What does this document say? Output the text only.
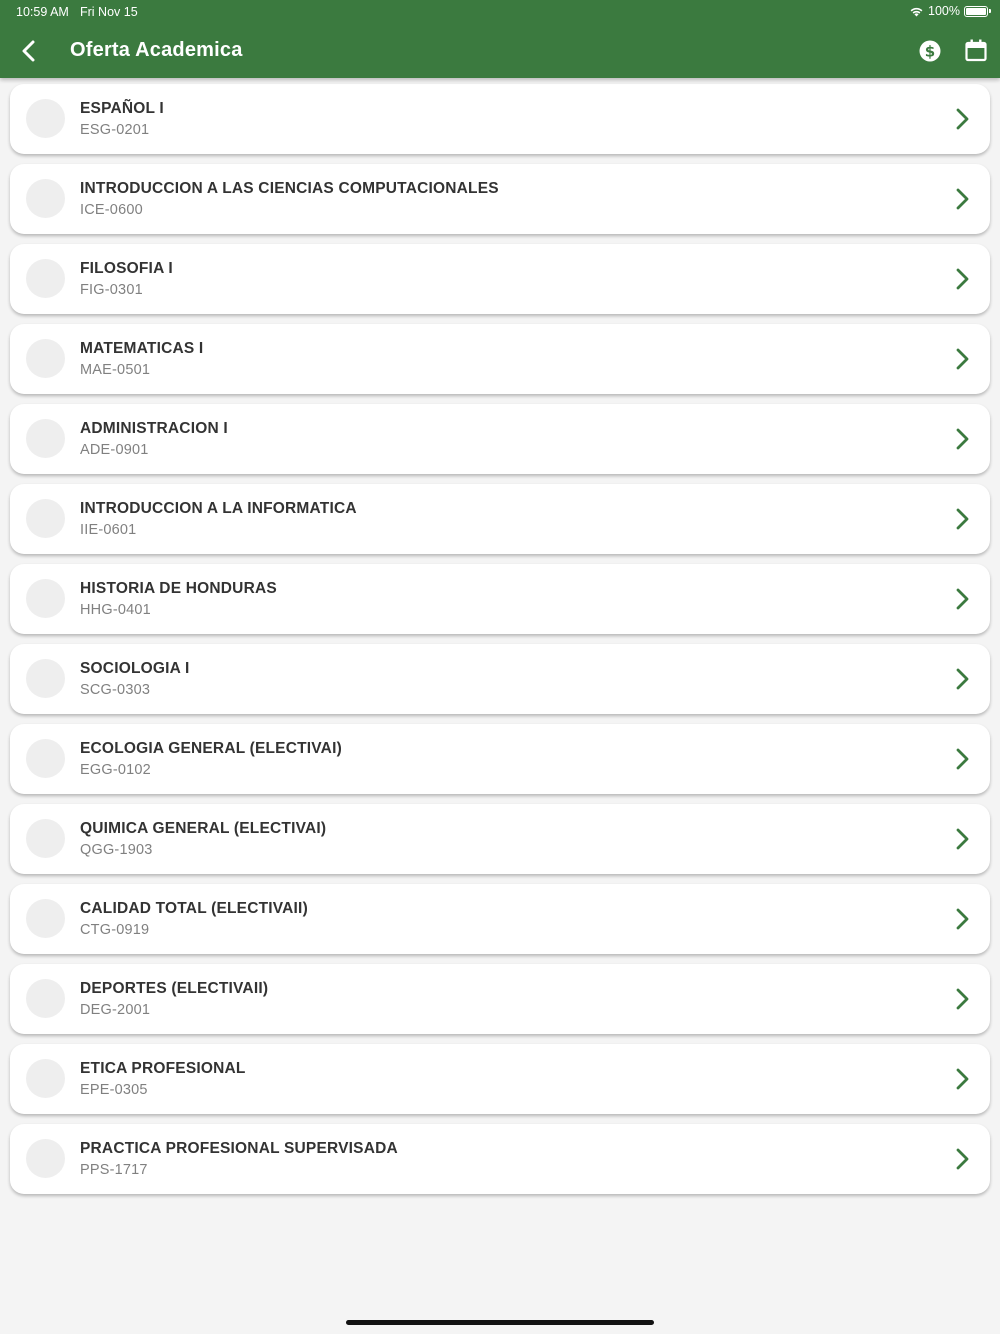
10:59 AM Fri Nov 15	100%
Oferta Academica	$
ESPAÑOL I
ESG-0201
INTRODUCCION A LAS CIENCIAS COMPUTACIONALES
ICE-0600
FILOSOFIA I
FIG-0301
MATEMATICAS I
MAE-0501
ADMINISTRACION I
ADE-0901
INTRODUCCION A LA INFORMATICA
IIE-0601
HISTORIA DE HONDURAS
HHG-0401
SOCIOLOGIA I
SCG-0303
ECOLOGIA GENERAL (ELECTIVAI)
EGG-0102
QUIMICA GENERAL (ELECTIVAI)
QGG-1903
CALIDAD TOTAL (ELECTIVAII)
CTG-0919
DEPORTES (ELECTIVAII)
DEG-2001
ETICA PROFESIONAL
EPE-0305
PRACTICA PROFESIONAL SUPERVISADA
PPS-1717
